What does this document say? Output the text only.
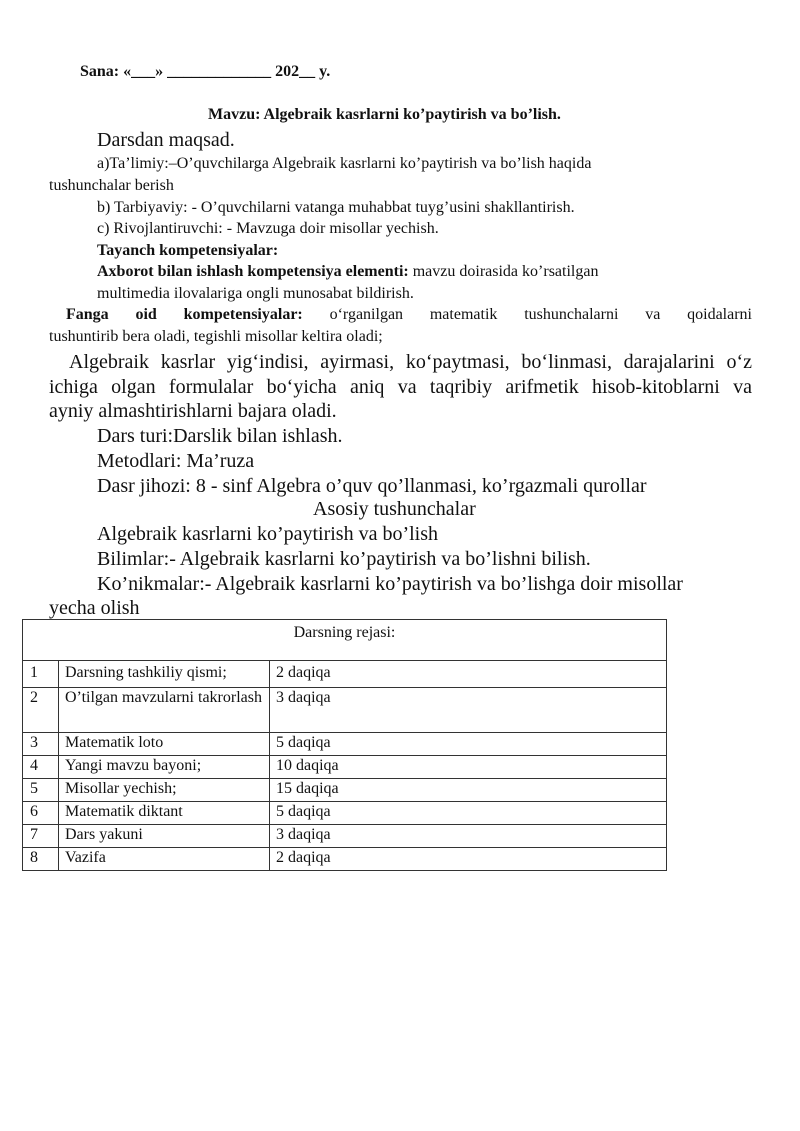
Sana: «___» _____________ 202__ y.
Mavzu: Algebraik kasrlarni ko’paytirish va bo’lish.
Darsdan maqsad.
a)Ta’limiy:–O’quvchilarga Algebraik kasrlarni ko’paytirish va bo’lish haqida
tushunchalar berish
b) Tarbiyaviy: - O’quvchilarni vatanga muhabbat tuyg’usini shakllantirish.
c) Rivojlantiruvchi: - Mavzuga doir misollar yechish.
Tayanch kompetensiyalar:
Axborot bilan ishlash kompetensiya elementi: mavzu doirasida ko’rsatilgan
multimedia ilovalariga ongli munosabat bildirish.
Fanga oid kompetensiyalar: o‘rganilgan matematik tushunchalarni va qoidalarni
tushuntirib bera oladi, tegishli misollar keltira oladi;
Algebraik kasrlar yig‘indisi, ayirmasi, ko‘paytmasi, bo‘linmasi, darajalarini o‘z
ichiga olgan formulalar bo‘yicha aniq va taqribiy arifmetik hisob-kitoblarni va
ayniy almashtirishlarni bajara oladi.
Dars turi:Darslik bilan ishlash.
Metodlari: Ma’ruza
Dasr jihozi: 8 - sinf Algebra o’quv qo’llanmasi, ko’rgazmali qurollar
Asosiy tushunchalar
Algebraik kasrlarni ko’paytirish va bo’lish
Bilimlar:- Algebraik kasrlarni ko’paytirish va bo’lishni bilish.
Ko’nikmalar:- Algebraik kasrlarni ko’paytirish va bo’lishga doir misollar
yecha olish
Darsning rejasi:		
1	Darsning tashkiliy qismi;	2 daqiqa
2	O’tilgan mavzularni takrorlash	3 daqiqa
3	Matematik loto	5 daqiqa
4	Yangi mavzu bayoni;	10 daqiqa
5	Misollar yechish;	15 daqiqa
6	Matematik diktant	5 daqiqa
7	Dars yakuni	3 daqiqa
8	Vazifa	2 daqiqa
